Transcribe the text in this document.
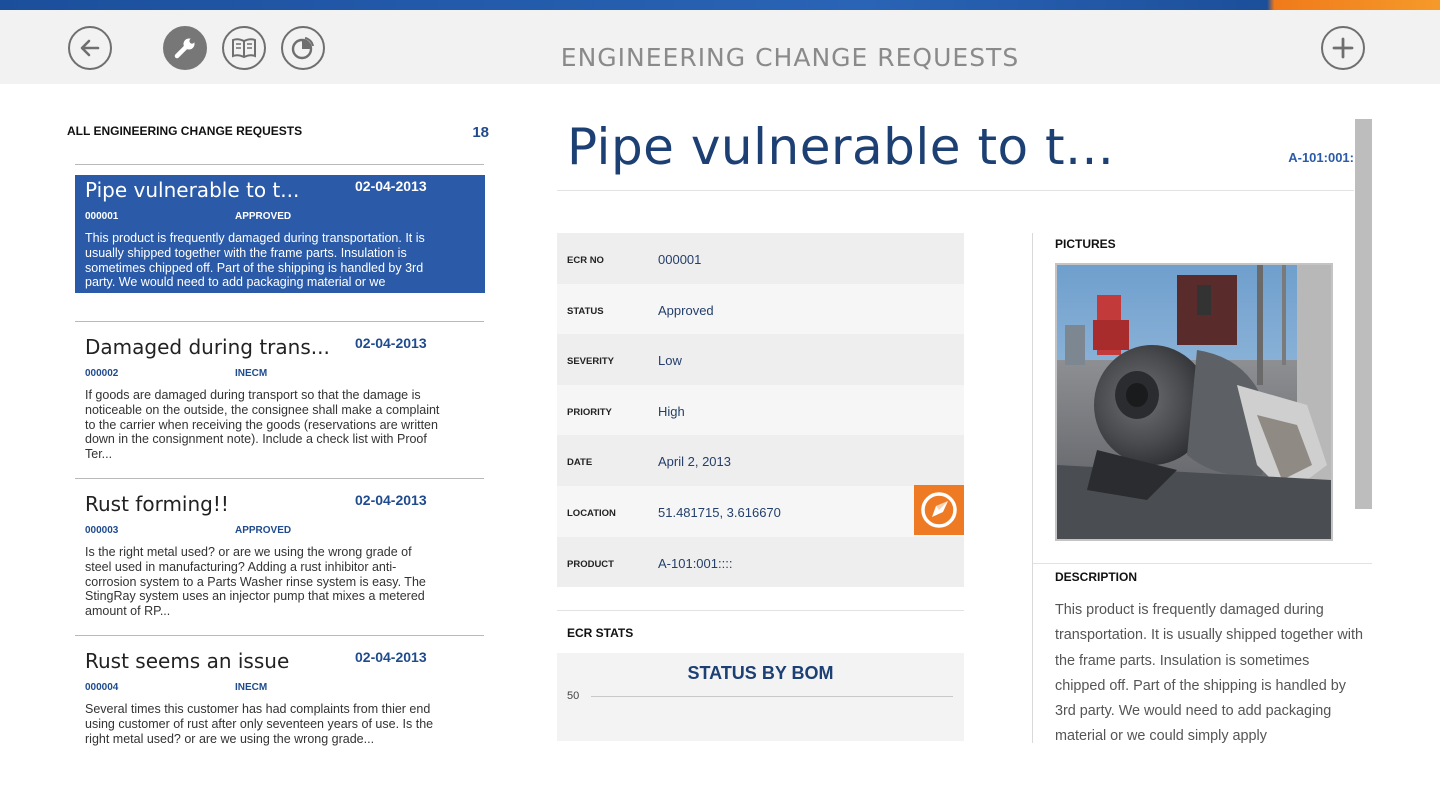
ENGINEERING CHANGE REQUESTS
ALL ENGINEERING CHANGE REQUESTS	18
Pipe vulnerable to t...	02-04-2013
000001	APPROVED
This product is frequently damaged during transportation. It is usually shipped together with the frame parts. Insulation is sometimes chipped off. Part of the shipping is handled by 3rd party. We would need to add packaging material or we
Damaged during trans... 02-04-2013
000002	INECM
If goods are damaged during transport so that the damage is noticeable on the outside, the consignee shall make a complaint to the carrier when receiving the goods (reservations are written down in the consignment note). Include a check list with Proof Ter...
Rust forming!!	02-04-2013
000003	APPROVED
Is the right metal used? or are we using the wrong grade of steel used in manufacturing? Adding a rust inhibitor anti-corrosion system to a Parts Washer rinse system is easy. The StingRay system uses an injector pump that mixes a metered amount of RP...
Rust seems an issue	02-04-2013
000004	INECM
Several times this customer has had complaints from thier end using customer of rust after only seventeen years of use. Is the right metal used? or are we using the wrong grade...
Pipe vulnerable to t...	A-101:001:
ECR NO	000001
STATUS	Approved
SEVERITY	Low
PRIORITY	High
DATE	April 2, 2013
LOCATION	51.481715, 3.616670
PRODUCT	A-101:001::::
ECR STATS
STATUS BY BOM
50
PICTURES
DESCRIPTION
This product is frequently damaged during transportation. It is usually shipped together with the frame parts. Insulation is sometimes chipped off. Part of the shipping is handled by 3rd party. We would need to add packaging material or we could simply apply
